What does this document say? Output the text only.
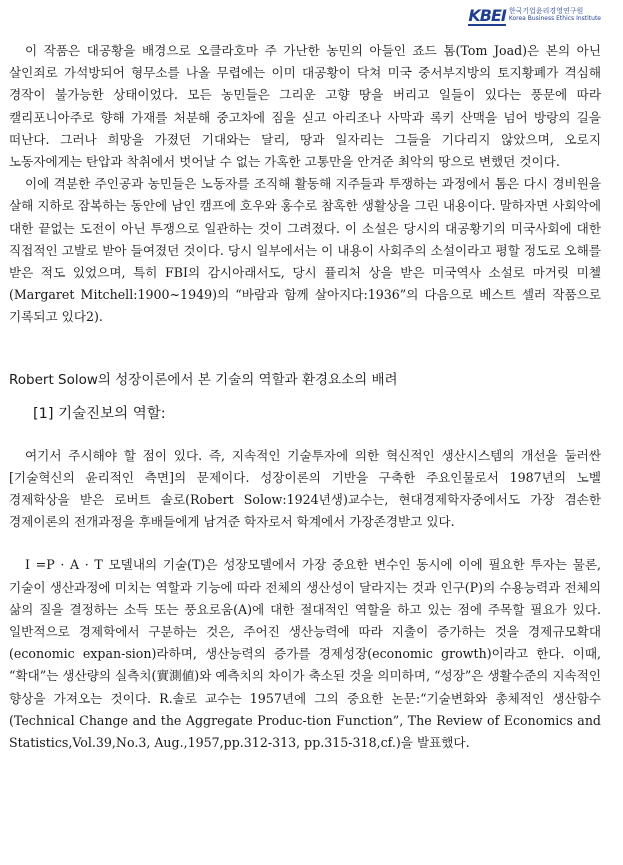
KBEI 한국기업윤리경영연구원
Korea Business Ethics Institute

이 작품은 대공황을 배경으로 오클라호마 주 가난한 농민의 아들인 죠드 톰(Tom Joad)은 본의 아닌 살인죄로 가석방되어 형무소를 나올 무렵에는 이미 대공황이 닥쳐 미국 중서부지방의 토지황폐가 격심해 경작이 불가능한 상태이었다. 모든 농민들은 그리운 고향 땅을 버리고 일들이 있다는 풍문에 따라 캘리포니아주로 향해 가재를 처분해 중고차에 짐을 싣고 아리조나 사막과 록키 산맥을 넘어 방랑의 길을 떠난다. 그러나 희망을 가졌던 기대와는 달리, 땅과 일자리는 그들을 기다리지 않았으며, 오로지 노동자에게는 탄압과 착취에서 벗어날 수 없는 가혹한 고통만을 안겨준 최악의 땅으로 변했던 것이다.

이에 격분한 주인공과 농민들은 노동자를 조직해 활동해 지주들과 투쟁하는 과정에서 톰은 다시 경비원을 살해 지하로 잠복하는 동안에 남인 캠프에 호우와 홍수로 참혹한 생활상을 그린 내용이다. 말하자면 사회악에 대한 끝없는 도전이 아닌 투쟁으로 일관하는 것이 그려졌다. 이 소설은 당시의 대공황기의 미국사회에 대한 직접적인 고발로 받아 들여졌던 것이다. 당시 일부에서는 이 내용이 사회주의 소설이라고 평할 정도로 오해를 받은 적도 있었으며, 특히 FBI의 감시아래서도, 당시 퓰리처 상을 받은 미국역사 소설로 마거릿 미첼(Margaret Mitchell:1900~1949)의 “바람과 함께 살아지다:1936”의 다음으로 베스트 셀러 작품으로 기록되고 있다2).

Robert Solow의 성장이론에서 본 기술의 역할과 환경요소의 배려
[1] 기술진보의 역할:

여기서 주시해야 할 점이 있다. 즉, 지속적인 기술투자에 의한 혁신적인 생산시스템의 개선을 둘러싼 [기술혁신의 윤리적인 측면]의 문제이다. 성장이론의 기반을 구축한 주요인물로서 1987년의 노벨 경제학상을 받은 로버트 솔로(Robert Solow:1924년생)교수는, 현대경제학자중에서도 가장 겸손한 경제이론의 전개과정을 후배들에게 남겨준 학자로서 학계에서 가장존경받고 있다.

I =P · A · T 모델내의 기술(T)은 성장모델에서 가장 중요한 변수인 동시에 이에 필요한 투자는 물론, 기술이 생산과정에 미치는 역할과 기능에 따라 전체의 생산성이 달라지는 것과 인구(P)의 수용능력과 전체의 삶의 질을 결정하는 소득 또는 풍요로움(A)에 대한 절대적인 역할을 하고 있는 점에 주목할 필요가 있다. 일반적으로 경제학에서 구분하는 것은, 주어진 생산능력에 따라 지출이 증가하는 것을 경제규모확대(economic expan-sion)라하며, 생산능력의 증가를 경제성장(economic growth)이라고 한다. 이때, “확대”는 생산량의 실측치(實測値)와 예측치의 차이가 축소된 것을 의미하며, “성장”은 생활수준의 지속적인 향상을 가져오는 것이다. R.솔로 교수는 1957년에 그의 중요한 논문:“기술변화와 총체적인 생산함수(Technical Change and the Aggregate Produc-tion Function”, The Review of Economics and Statistics,Vol.39,No.3, Aug.,1957,pp.312-313, pp.315-318,cf.)을 발표했다.
